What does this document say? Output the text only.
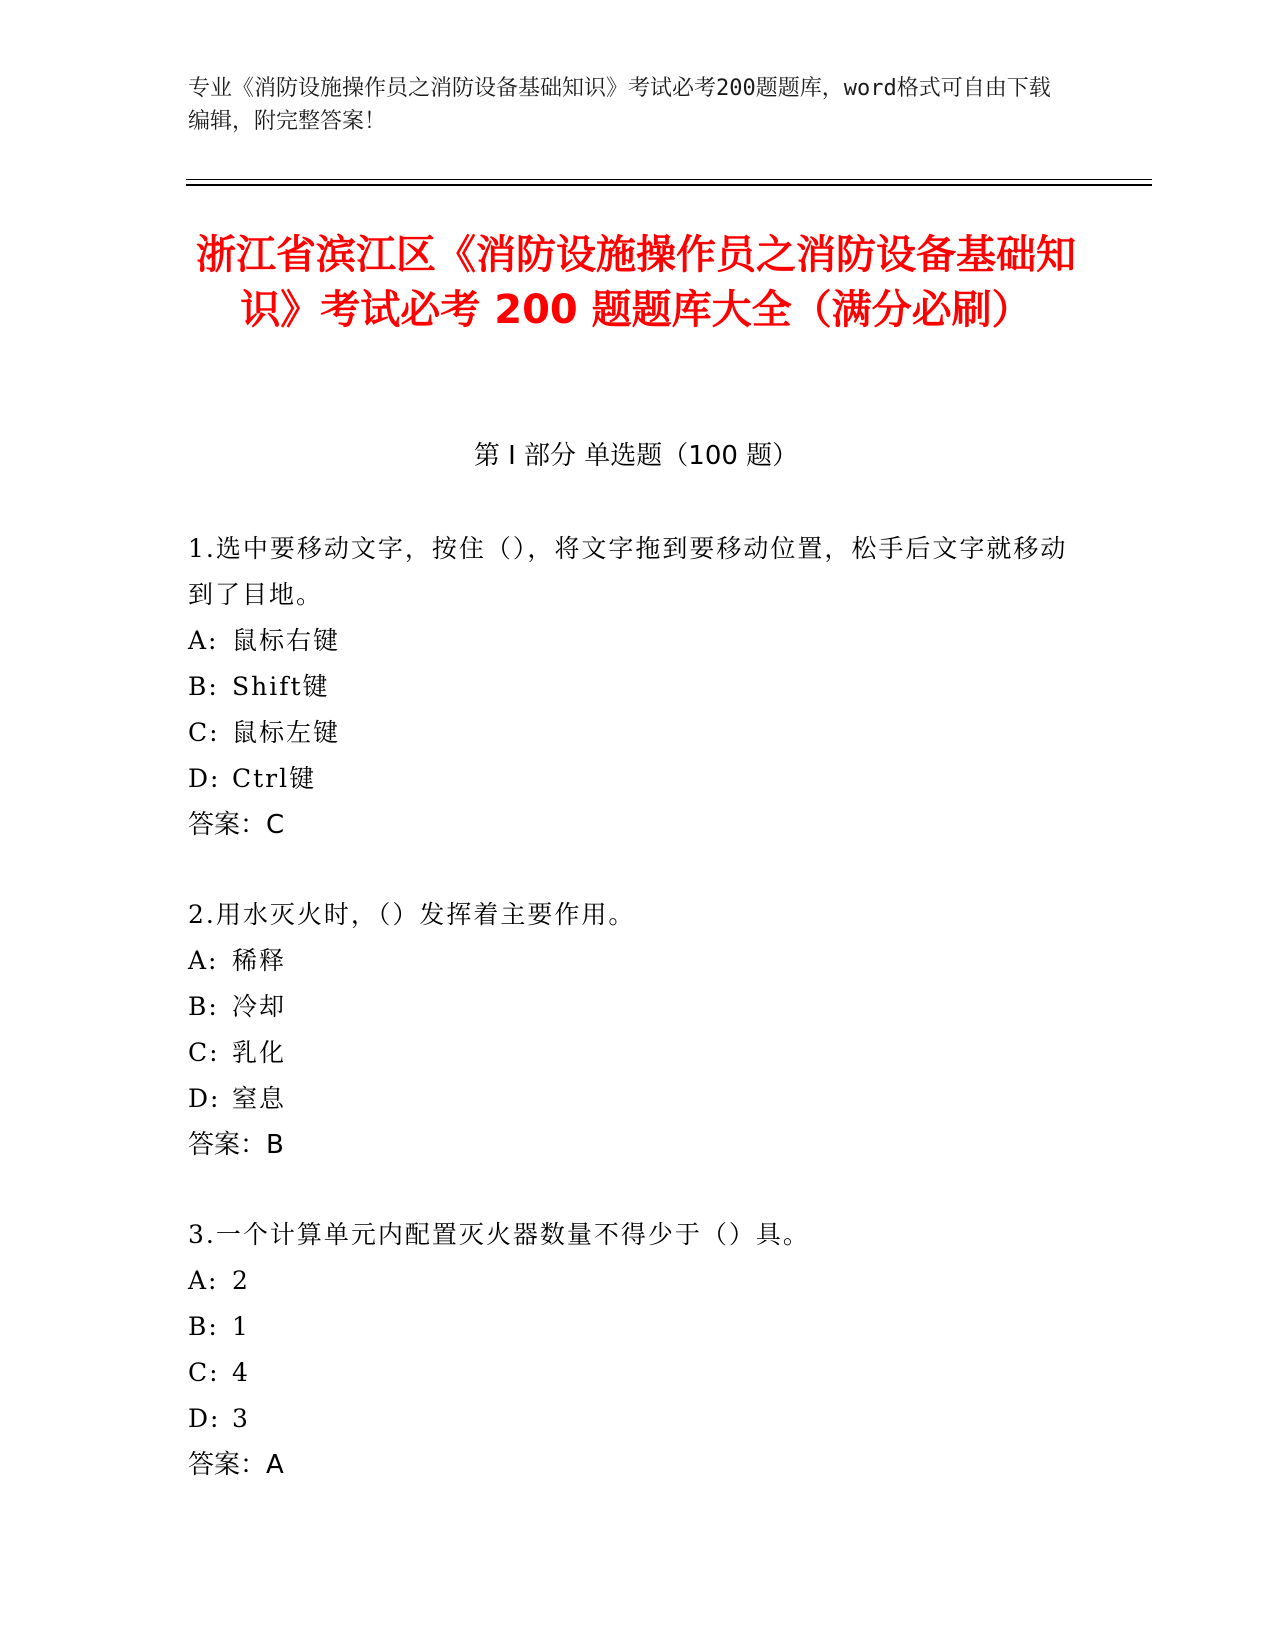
专业《消防设施操作员之消防设备基础知识》考试必考200题题库，word格式可自由下载编辑，附完整答案！
浙江省滨江区《消防设施操作员之消防设备基础知识》考试必考 200 题题库大全（满分必刷）
第 I 部分 单选题（100 题）
1.选中要移动文字，按住（），将文字拖到要移动位置，松手后文字就移动到了目地。
A: 鼠标右键
B: Shift键
C: 鼠标左键
D: Ctrl键
答案：C
2.用水灭火时，（）发挥着主要作用。
A: 稀释
B: 冷却
C: 乳化
D: 窒息
答案：B
3.一个计算单元内配置灭火器数量不得少于（）具。
A: 2
B: 1
C: 4
D: 3
答案：A
